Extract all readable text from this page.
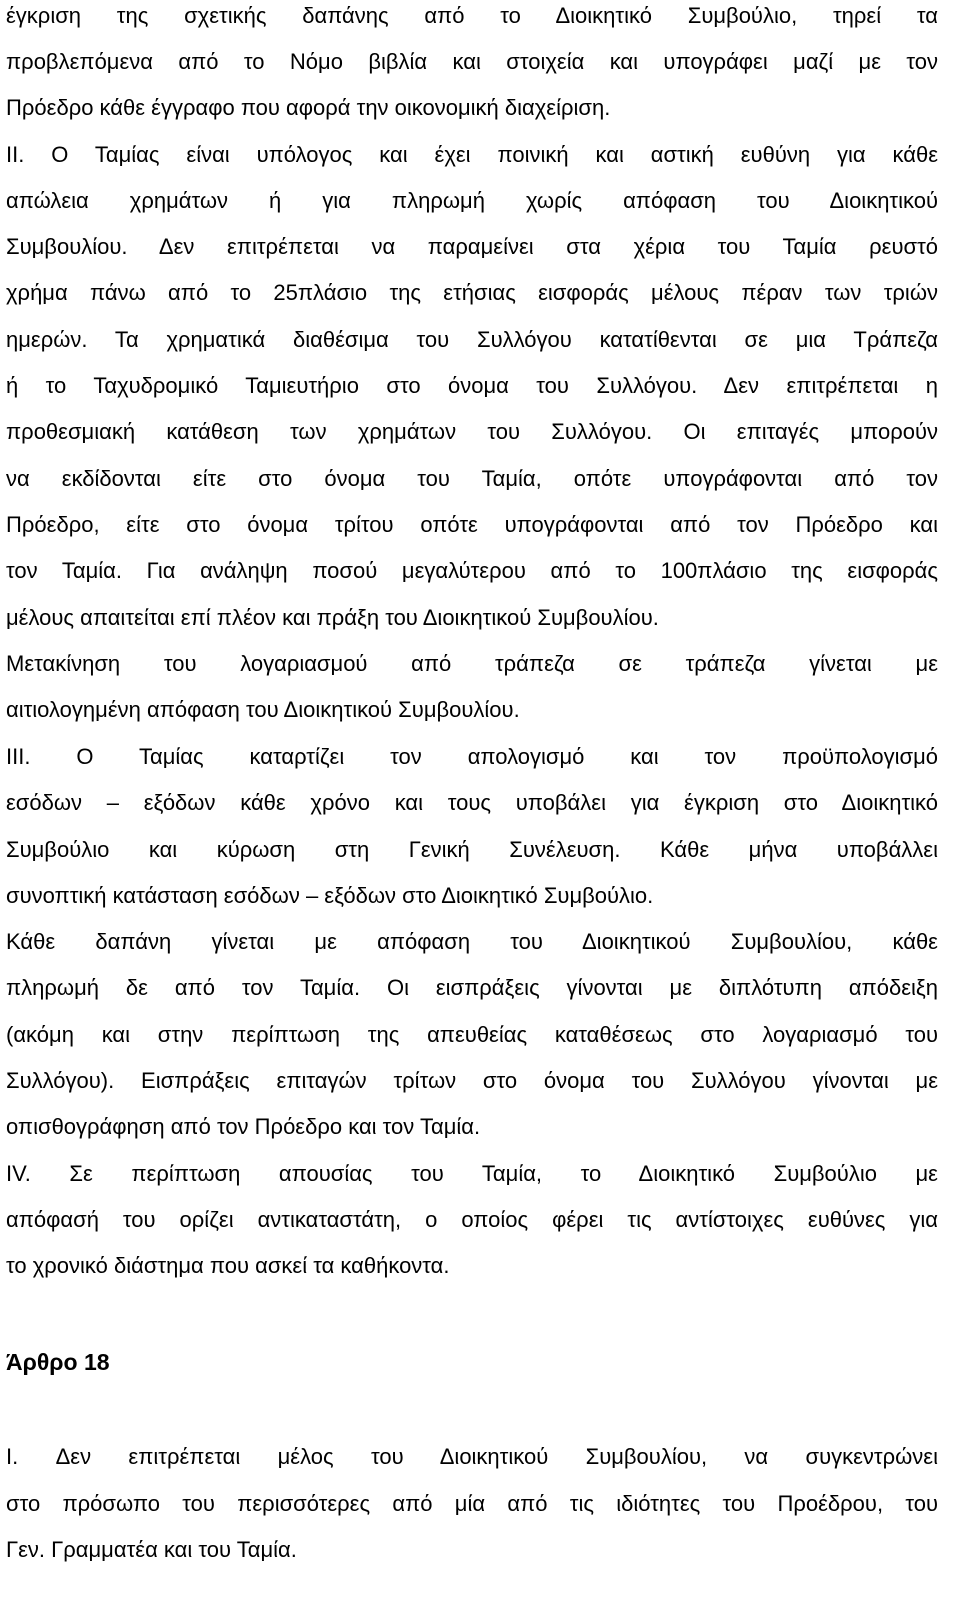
έγκριση της σχετικής δαπάνης από το Διοικητικό Συμβούλιο, τηρεί τα
προβλεπόμενα από το Νόμο βιβλία και στοιχεία και υπογράφει μαζί με τον
Πρόεδρο κάθε έγγραφο που αφορά την οικονομική διαχείριση.
II. Ο Ταμίας είναι υπόλογος και έχει ποινική και αστική ευθύνη για κάθε
απώλεια χρημάτων ή για πληρωμή χωρίς απόφαση του Διοικητικού
Συμβουλίου. Δεν επιτρέπεται να παραμείνει στα χέρια του Ταμία ρευστό
χρήμα πάνω από το 25πλάσιο της ετήσιας εισφοράς μέλους πέραν των τριών
ημερών. Τα χρηματικά διαθέσιμα του Συλλόγου κατατίθενται σε μια Τράπεζα
ή το Ταχυδρομικό Ταμιευτήριο στο όνομα του Συλλόγου. Δεν επιτρέπεται η
προθεσμιακή κατάθεση των χρημάτων του Συλλόγου. Οι επιταγές μπορούν
να εκδίδονται είτε στο όνομα του Ταμία, οπότε υπογράφονται από τον
Πρόεδρο, είτε στο όνομα τρίτου οπότε υπογράφονται από τον Πρόεδρο και
τον Ταμία. Για ανάληψη ποσού μεγαλύτερου από το 100πλάσιο της εισφοράς
μέλους απαιτείται επί πλέον και πράξη του Διοικητικού Συμβουλίου.
Μετακίνηση του λογαριασμού από τράπεζα σε τράπεζα γίνεται με
αιτιολογημένη απόφαση του Διοικητικού Συμβουλίου.
III. Ο Ταμίας καταρτίζει τον απολογισμό και τον προϋπολογισμό
εσόδων – εξόδων κάθε χρόνο και τους υποβάλει για έγκριση στο Διοικητικό
Συμβούλιο και κύρωση στη Γενική Συνέλευση. Κάθε μήνα υποβάλλει
συνοπτική κατάσταση εσόδων – εξόδων στο Διοικητικό Συμβούλιο.
Κάθε δαπάνη γίνεται με απόφαση του Διοικητικού Συμβουλίου, κάθε
πληρωμή δε από τον Ταμία. Οι εισπράξεις γίνονται με διπλότυπη απόδειξη
(ακόμη και στην περίπτωση της απευθείας καταθέσεως στο λογαριασμό του
Συλλόγου). Εισπράξεις επιταγών τρίτων στο όνομα του Συλλόγου γίνονται με
οπισθογράφηση από τον Πρόεδρο και τον Ταμία.
IV. Σε περίπτωση απουσίας του Ταμία, το Διοικητικό Συμβούλιο με
απόφασή του ορίζει αντικαταστάτη, ο οποίος φέρει τις αντίστοιχες ευθύνες για
το χρονικό διάστημα που ασκεί τα καθήκοντα.
Άρθρο 18
I. Δεν επιτρέπεται μέλος του Διοικητικού Συμβουλίου, να συγκεντρώνει
στο πρόσωπο του περισσότερες από μία από τις ιδιότητες του Προέδρου, του
Γεν. Γραμματέα και του Ταμία.
